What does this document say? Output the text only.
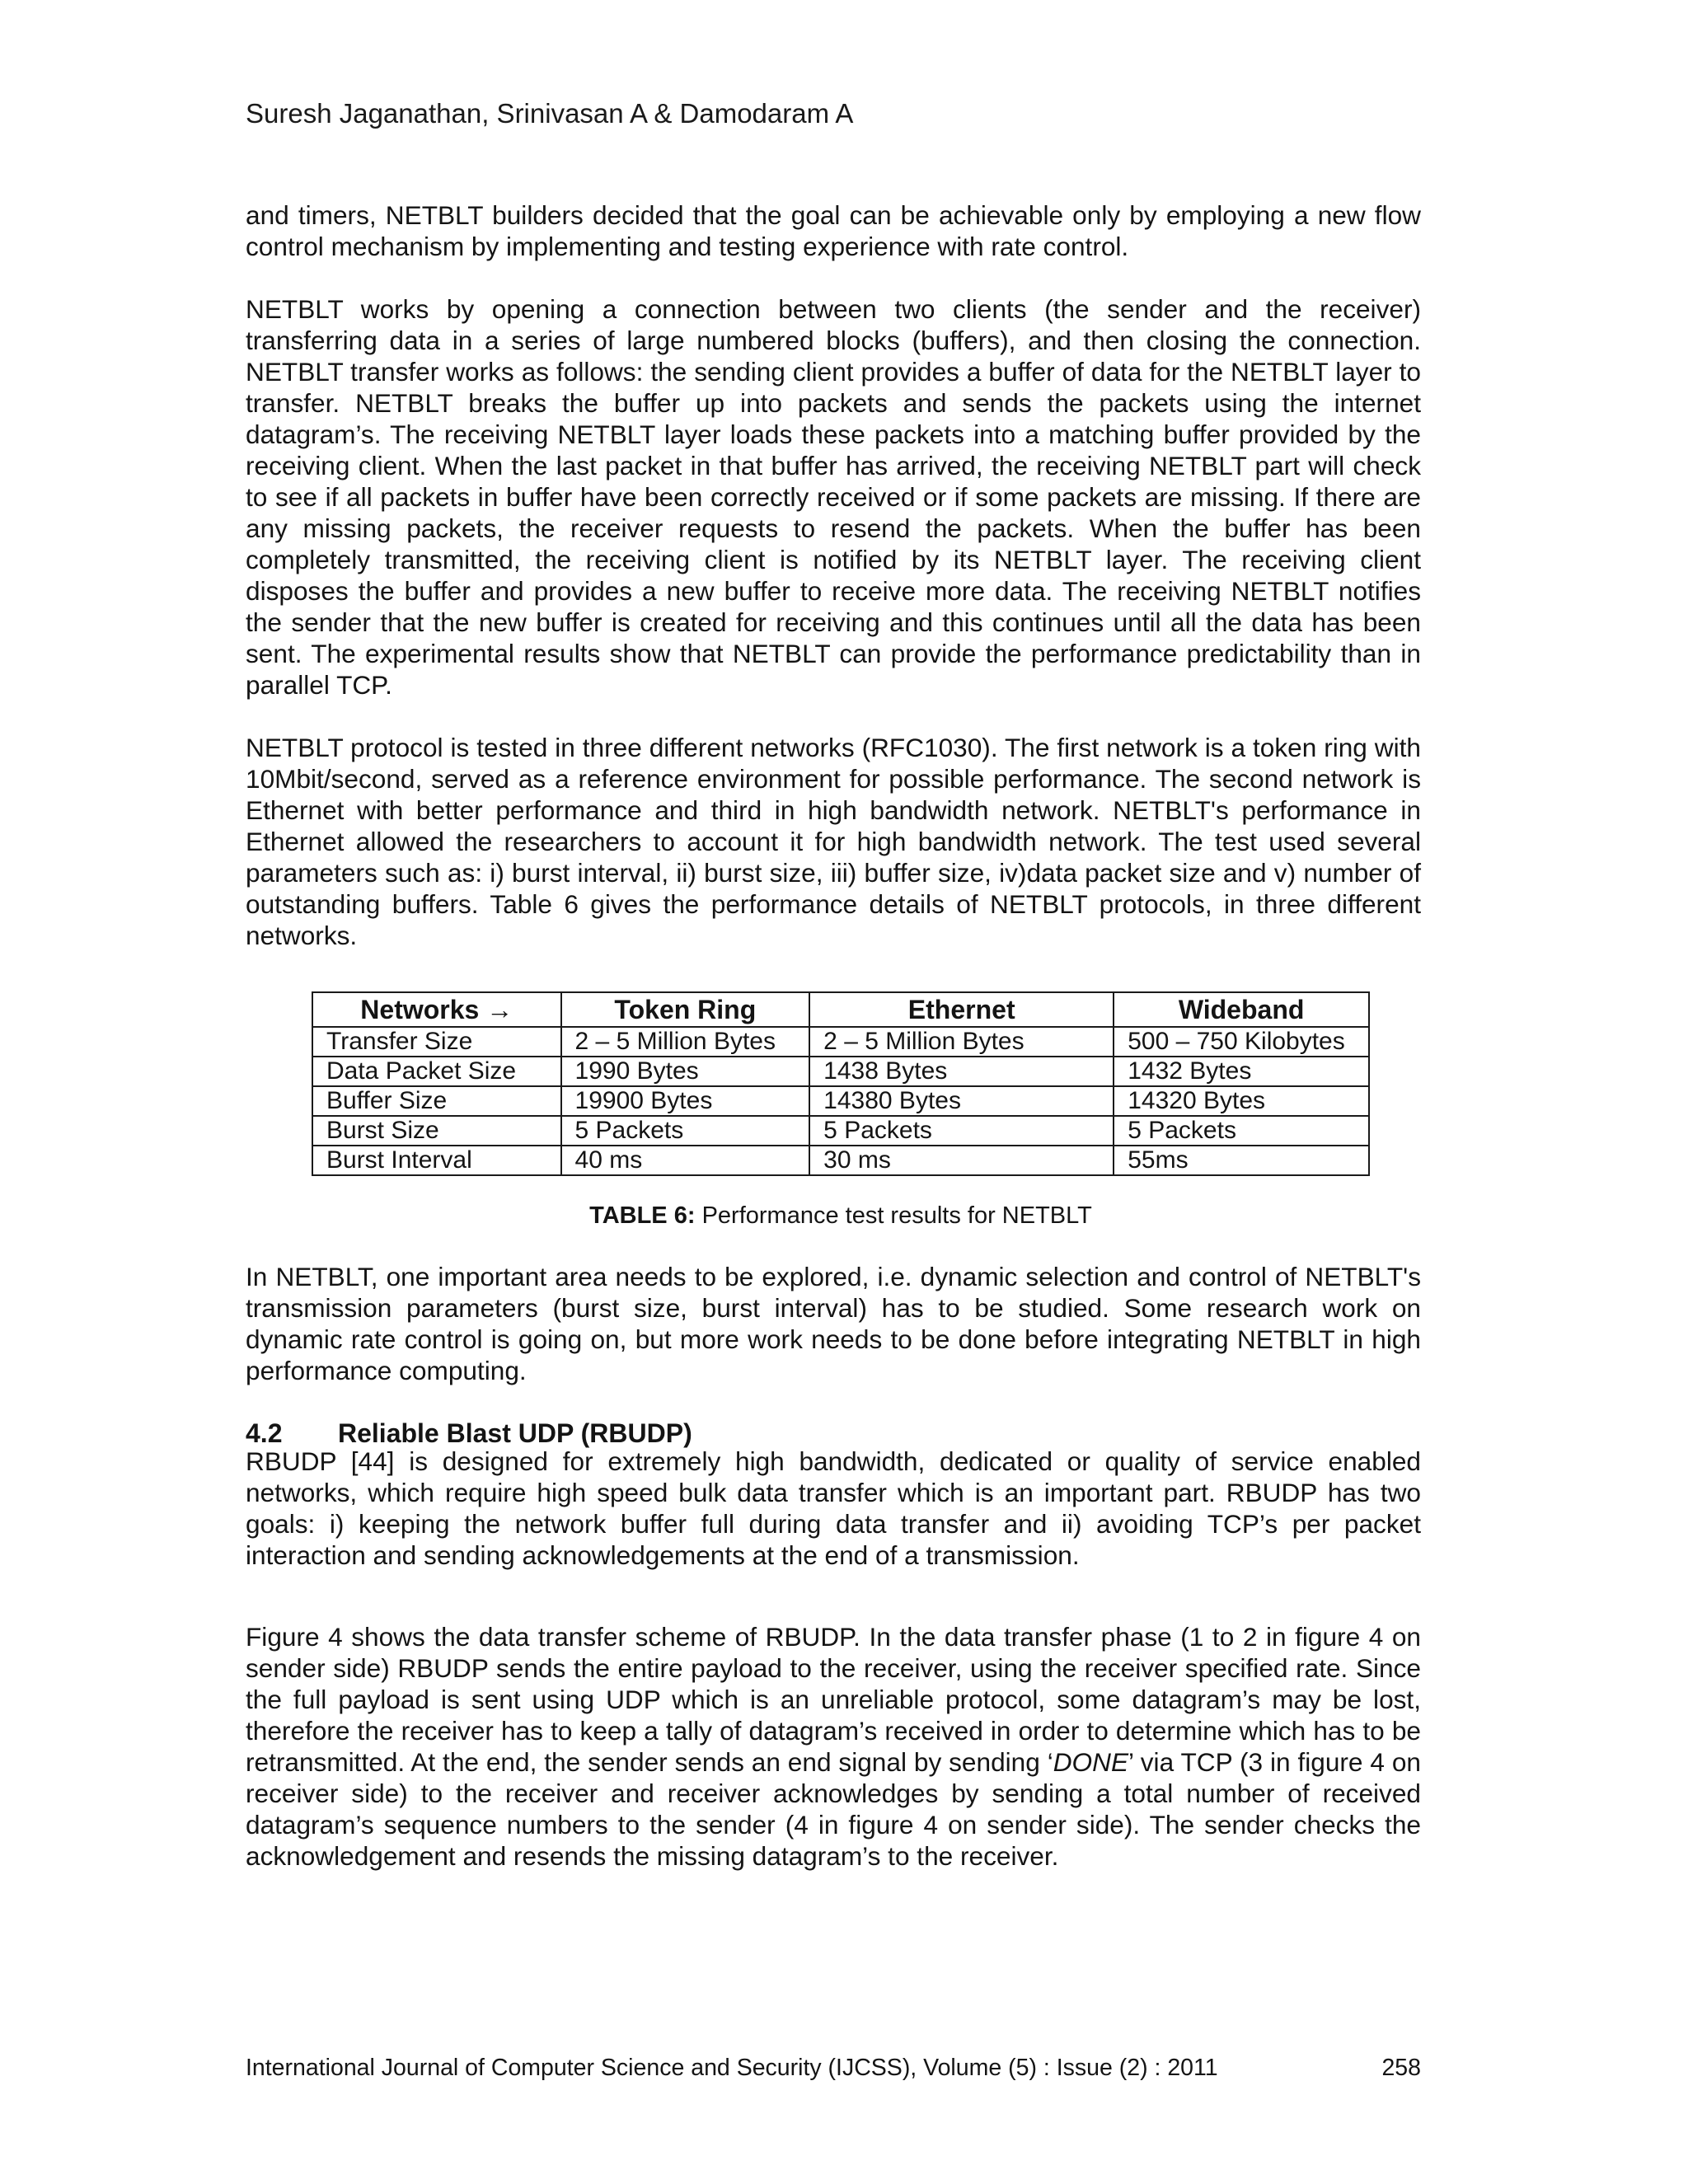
Suresh Jaganathan, Srinivasan A & Damodaram A

and timers, NETBLT builders decided that the goal can be achievable only by employing a new flow control mechanism by implementing and testing experience with rate control.

NETBLT works by opening a connection between two clients (the sender and the receiver) transferring data in a series of large numbered blocks (buffers), and then closing the connection. NETBLT transfer works as follows: the sending client provides a buffer of data for the NETBLT layer to transfer. NETBLT breaks the buffer up into packets and sends the packets using the internet datagram’s. The receiving NETBLT layer loads these packets into a matching buffer provided by the receiving client. When the last packet in that buffer has arrived, the receiving NETBLT part will check to see if all packets in buffer have been correctly received or if some packets are missing. If there are any missing packets, the receiver requests to resend the packets. When the buffer has been completely transmitted, the receiving client is notified by its NETBLT layer. The receiving client disposes the buffer and provides a new buffer to receive more data. The receiving NETBLT notifies the sender that the new buffer is created for receiving and this continues until all the data has been sent. The experimental results show that NETBLT can provide the performance predictability than in parallel TCP.

NETBLT protocol is tested in three different networks (RFC1030). The first network is a token ring with 10Mbit/second, served as a reference environment for possible performance. The second network is Ethernet with better performance and third in high bandwidth network. NETBLT's performance in Ethernet allowed the researchers to account it for high bandwidth network. The test used several parameters such as: i) burst interval, ii) burst size, iii) buffer size, iv)data packet size and v) number of outstanding buffers. Table 6 gives the performance details of NETBLT protocols, in three different networks.

Networks →	Token Ring	Ethernet	Wideband
Transfer Size	2 – 5 Million Bytes	2 – 5 Million Bytes	500 – 750 Kilobytes
Data Packet Size	1990 Bytes	1438 Bytes	1432 Bytes
Buffer Size	19900 Bytes	14380 Bytes	14320 Bytes
Burst Size	5 Packets	5 Packets	5 Packets
Burst Interval	40 ms	30 ms	55ms
TABLE 6: Performance test results for NETBLT

In NETBLT, one important area needs to be explored, i.e. dynamic selection and control of NETBLT's transmission parameters (burst size, burst interval) has to be studied. Some research work on dynamic rate control is going on, but more work needs to be done before integrating NETBLT in high performance computing.

4.2 Reliable Blast UDP (RBUDP)

RBUDP [44] is designed for extremely high bandwidth, dedicated or quality of service enabled networks, which require high speed bulk data transfer which is an important part. RBUDP has two goals: i) keeping the network buffer full during data transfer and ii) avoiding TCP’s per packet interaction and sending acknowledgements at the end of a transmission.

Figure 4 shows the data transfer scheme of RBUDP. In the data transfer phase (1 to 2 in figure 4 on sender side) RBUDP sends the entire payload to the receiver, using the receiver specified rate. Since the full payload is sent using UDP which is an unreliable protocol, some datagram’s may be lost, therefore the receiver has to keep a tally of datagram’s received in order to determine which has to be retransmitted. At the end, the sender sends an end signal by sending ‘DONE’ via TCP (3 in figure 4 on receiver side) to the receiver and receiver acknowledges by sending a total number of received datagram’s sequence numbers to the sender (4 in figure 4 on sender side). The sender checks the acknowledgement and resends the missing datagram’s to the receiver.

International Journal of Computer Science and Security (IJCSS), Volume (5) : Issue (2) : 2011	258
